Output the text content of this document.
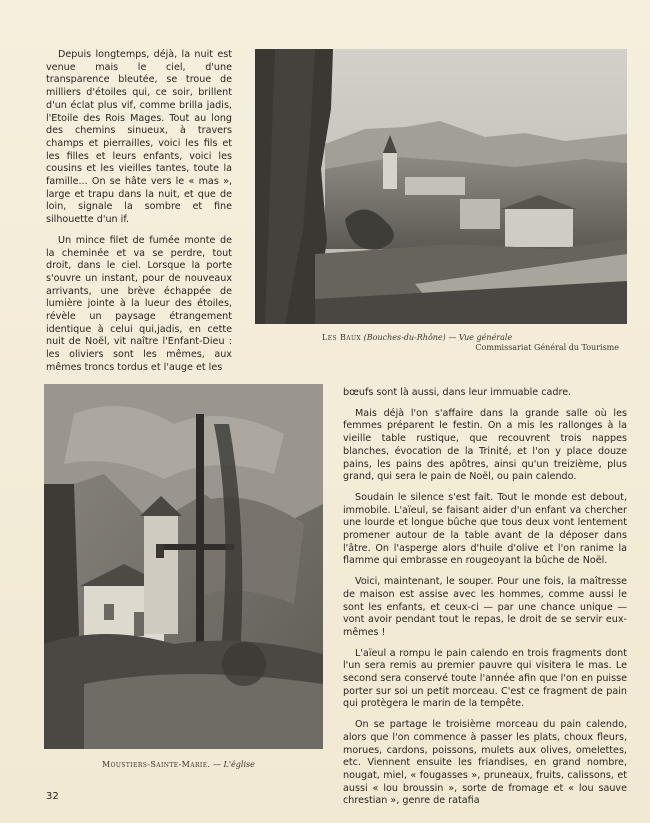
Depuis longtemps, déjà, la nuit est venue mais le ciel, d'une transparence bleutée, se troue de milliers d'étoiles qui, ce soir, brillent d'un éclat plus vif, comme brilla jadis, l'Etoile des Rois Mages. Tout au long des chemins sinueux, à travers champs et pierrailles, voici les fils et les filles et leurs enfants, voici les cousins et les vieilles tantes, toute la famille... On se hâte vers le « mas », large et trapu dans la nuit, et que de loin, signale la sombre et fine silhouette d'un if.

Un mince filet de fumée monte de la cheminée et va se perdre, tout droit, dans le ciel. Lorsque la porte s'ouvre un instant, pour de nouveaux arrivants, une brève échappée de lumière jointe à la lueur des étoiles, révèle un paysage étrangement identique à celui qui,jadis, en cette nuit de Noël, vit naître l'Enfant-Dieu : les oliviers sont les mêmes, aux mêmes troncs tordus et l'auge et les

Les Baux (Bouches-du-Rhône) — Vue générale
Commissariat Général du Tourisme
Moustiers-Sainte-Marie. — L'église

bœufs sont là aussi, dans leur immuable cadre.

Mais déjà l'on s'affaire dans la grande salle où les femmes préparent le festin. On a mis les rallonges à la vieille table rustique, que recouvrent trois nappes blanches, évocation de la Trinité, et l'on y place douze pains, les pains des apôtres, ainsi qu'un treizième, plus grand, qui sera le pain de Noël, ou pain calendo.

Soudain le silence s'est fait. Tout le monde est debout, immobile. L'aïeul, se faisant aider d'un enfant va chercher une lourde et longue bûche que tous deux vont lentement promener autour de la table avant de la déposer dans l'âtre. On l'asperge alors d'huile d'olive et l'on ranime la flamme qui embrasse en rougeoyant la bûche de Noël.

Voici, maintenant, le souper. Pour une fois, la maîtresse de maison est assise avec les hommes, comme aussi le sont les enfants, et ceux-ci — par une chance unique — vont avoir pendant tout le repas, le droit de se servir eux-mêmes !

L'aïeul a rompu le pain calendo en trois fragments dont l'un sera remis au premier pauvre qui visitera le mas. Le second sera conservé toute l'année afin que l'on en puisse porter sur soi un petit morceau. C'est ce fragment de pain qui protègera le marin de la tempête.

On se partage le troisième morceau du pain calendo, alors que l'on commence à passer les plats, choux fleurs, morues, cardons, poissons, mulets aux olives, omelettes, etc. Viennent ensuite les friandises, en grand nombre, nougat, miel, « fougasses », pruneaux, fruits, calissons, et aussi « lou broussin », sorte de fromage et « lou sauve chrestian », genre de ratafia

32
